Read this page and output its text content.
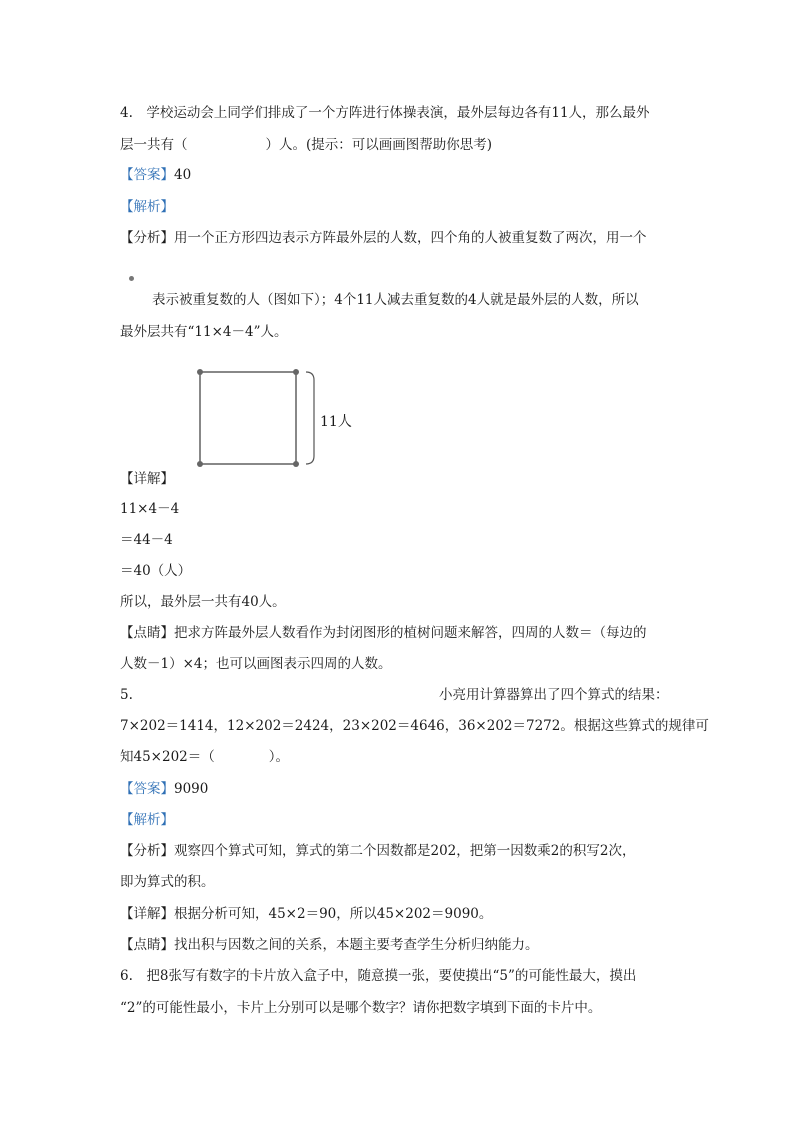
4.　学校运动会上同学们排成了一个方阵进行体操表演，最外层每边各有11人，那么最外
层一共有（	）人。(提示：可以画画图帮助你思考)
【答案】40
【解析】
【分析】用一个正方形四边表示方阵最外层的人数，四个角的人被重复数了两次，用一个
表示被重复数的人（图如下）；4个11人减去重复数的4人就是最外层的人数，所以
最外层共有“11×4－4”人。
11人
【详解】
11×4－4
＝44－4
＝40（人）
所以，最外层一共有40人。
【点睛】把求方阵最外层人数看作为封闭图形的植树问题来解答，四周的人数＝（每边的
人数－1）×4；也可以画图表示四周的人数。
5.	小亮用计算器算出了四个算式的结果：
7×202＝1414，12×202＝2424，23×202＝4646，36×202＝7272。根据这些算式的规律可
知45×202＝（	）。
【答案】9090
【解析】
【分析】观察四个算式可知，算式的第二个因数都是202，把第一因数乘2的积写2次，
即为算式的积。
【详解】根据分析可知，45×2＝90，所以45×202＝9090。
【点睛】找出积与因数之间的关系，本题主要考查学生分析归纳能力。
6.　把8张写有数字的卡片放入盒子中，随意摸一张，要使摸出“5”的可能性最大，摸出
“2”的可能性最小，卡片上分别可以是哪个数字？请你把数字填到下面的卡片中。
